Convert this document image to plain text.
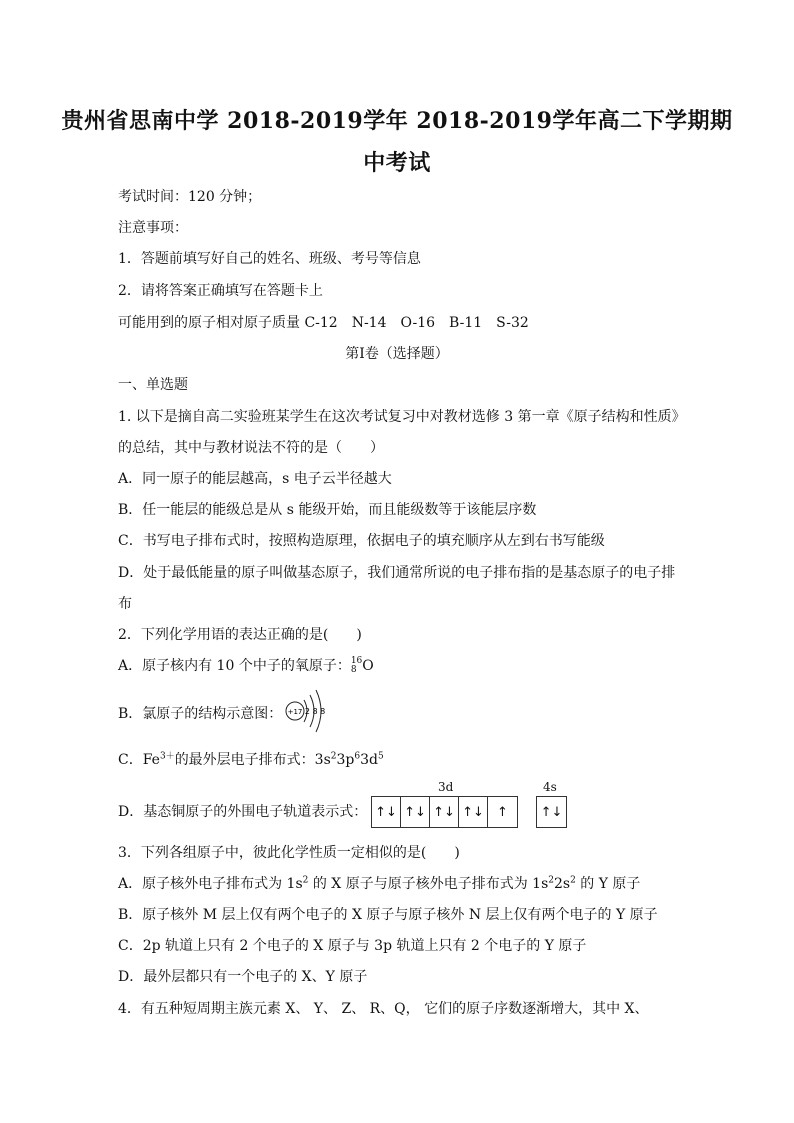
贵州省思南中学 2018-2019学年 2018-2019学年高二下学期期
中考试
考试时间：120 分钟；
注意事项：
1．答题前填写好自己的姓名、班级、考号等信息
2．请将答案正确填写在答题卡上
可能用到的原子相对原子质量 C-12　N-14　O-16　B-11　S-32
第Ⅰ卷（选择题）
一、单选题
1. 以下是摘自高二实验班某学生在这次考试复习中对教材选修 3 第一章《原子结构和性质》
的总结，其中与教材说法不符的是（　　）
A．同一原子的能层越高，s 电子云半径越大
B．任一能层的能级总是从 s 能级开始，而且能级数等于该能层序数
C．书写电子排布式时，按照构造原理，依据电子的填充顺序从左到右书写能级
D．处于最低能量的原子叫做基态原子，我们通常所说的电子排布指的是基态原子的电子排
布
2．下列化学用语的表达正确的是(　　)
A．原子核内有 10 个中子的氧原子： 16
8 O
B．氯原子的结构示意图： +17 2 8 8
C．$Fe^{3+}$的最外层电子排布式：$3s^23p^63d^5$
D．基态铜原子的外围电子轨道表示式：
3d	4s
↑↓ ↑↓ ↑↓ ↑↓	↑	↑↓
3．下列各组原子中，彼此化学性质一定相似的是(　　)
A．原子核外电子排布式为 $1s^2$ 的 X 原子与原子核外电子排布式为 $1s^22s^2$ 的 Y 原子
B．原子核外 M 层上仅有两个电子的 X 原子与原子核外 N 层上仅有两个电子的 Y 原子
C．2p 轨道上只有 2 个电子的 X 原子与 3p 轨道上只有 2 个电子的 Y 原子
D．最外层都只有一个电子的 X、Y 原子
4．有五种短周期主族元素 X、 Y、 Z、 R、Q， 它们的原子序数逐渐增大，其中 X、
